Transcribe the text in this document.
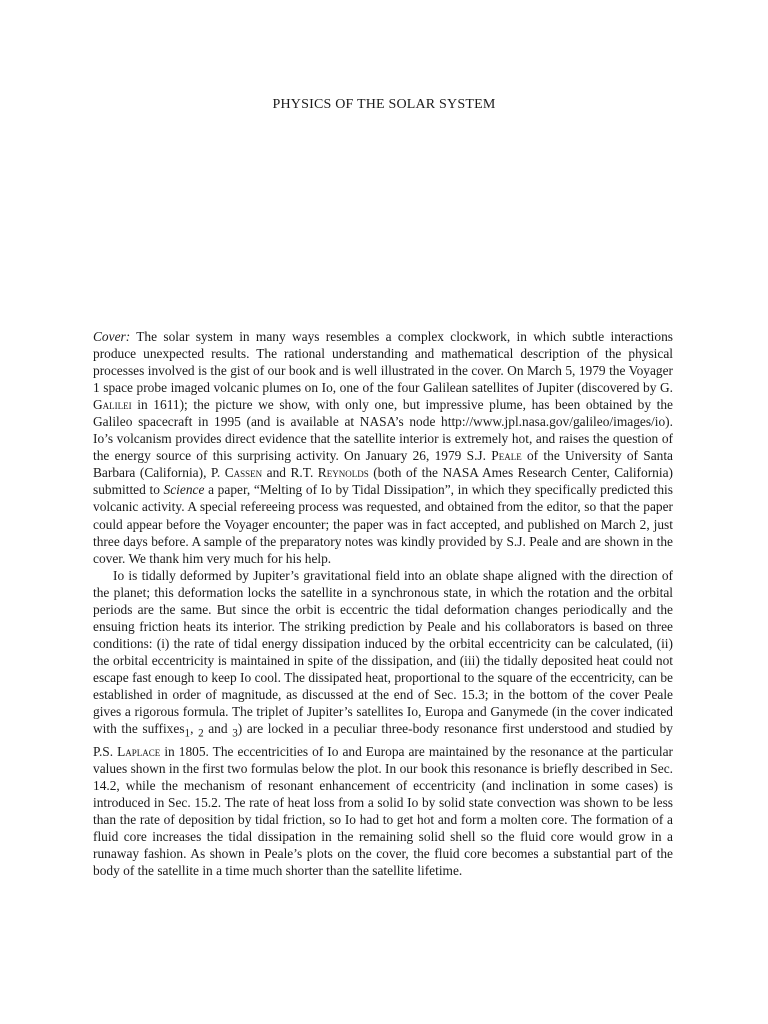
PHYSICS OF THE SOLAR SYSTEM

Cover: The solar system in many ways resembles a complex clockwork, in which subtle interactions produce unexpected results. The rational understanding and mathematical description of the physical processes involved is the gist of our book and is well illustrated in the cover. On March 5, 1979 the Voyager 1 space probe imaged volcanic plumes on Io, one of the four Galilean satellites of Jupiter (discovered by G. Galilei in 1611); the picture we show, with only one, but impressive plume, has been obtained by the Galileo spacecraft in 1995 (and is available at NASA’s node http://www.jpl.nasa.gov/galileo/images/io). Io’s volcanism provides direct evidence that the satellite interior is extremely hot, and raises the question of the energy source of this surprising activity. On January 26, 1979 S.J. Peale of the University of Santa Barbara (California), P. Cassen and R.T. Reynolds (both of the NASA Ames Research Center, California) submitted to Science a paper, “Melting of Io by Tidal Dissipation”, in which they specifically predicted this volcanic activity. A special refereeing process was requested, and obtained from the editor, so that the paper could appear before the Voyager encounter; the paper was in fact accepted, and published on March 2, just three days before. A sample of the preparatory notes was kindly provided by S.J. Peale and are shown in the cover. We thank him very much for his help.

Io is tidally deformed by Jupiter’s gravitational field into an oblate shape aligned with the direction of the planet; this deformation locks the satellite in a synchronous state, in which the rotation and the orbital periods are the same. But since the orbit is eccentric the tidal deformation changes periodically and the ensuing friction heats its interior. The striking prediction by Peale and his collaborators is based on three conditions: (i) the rate of tidal energy dissipation induced by the orbital eccentricity can be calculated, (ii) the orbital eccentricity is maintained in spite of the dissipation, and (iii) the tidally deposited heat could not escape fast enough to keep Io cool. The dissipated heat, proportional to the square of the eccentricity, can be established in order of magnitude, as discussed at the end of Sec. 15.3; in the bottom of the cover Peale gives a rigorous formula. The triplet of Jupiter’s satellites Io, Europa and Ganymede (in the cover indicated with the suffixes$_1$, $_2$ and $_3$) are locked in a peculiar three-body resonance first understood and studied by P.S. Laplace in 1805. The eccentricities of Io and Europa are maintained by the resonance at the particular values shown in the first two formulas below the plot. In our book this resonance is briefly described in Sec. 14.2, while the mechanism of resonant enhancement of eccentricity (and inclination in some cases) is introduced in Sec. 15.2. The rate of heat loss from a solid Io by solid state convection was shown to be less than the rate of deposition by tidal friction, so Io had to get hot and form a molten core. The formation of a fluid core increases the tidal dissipation in the remaining solid shell so the fluid core would grow in a runaway fashion. As shown in Peale’s plots on the cover, the fluid core becomes a substantial part of the body of the satellite in a time much shorter than the satellite lifetime.
